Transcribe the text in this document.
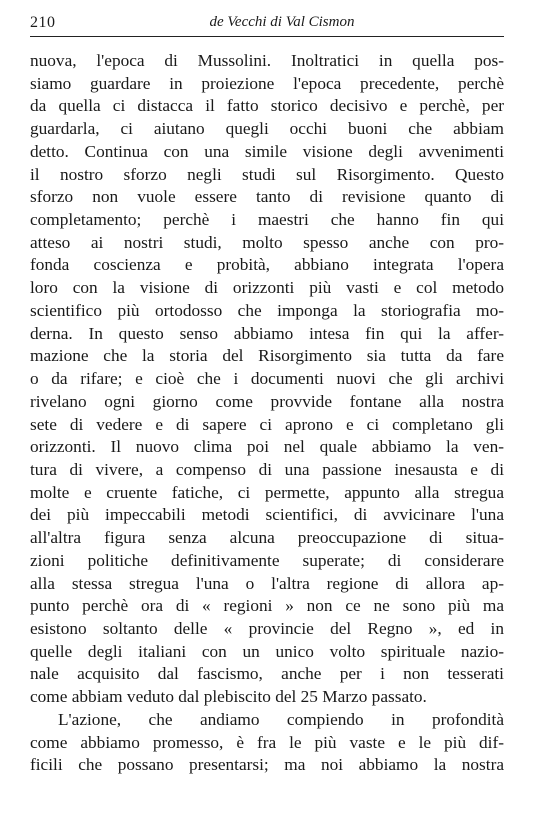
210	de Vecchi di Val Cismon
nuova, l'epoca di Mussolini. Inoltratici in quella pos-
siamo guardare in proiezione l'epoca precedente, perchè
da quella ci distacca il fatto storico decisivo e perchè, per
guardarla, ci aiutano quegli occhi buoni che abbiam
detto. Continua con una simile visione degli avvenimenti
il nostro sforzo negli studi sul Risorgimento. Questo
sforzo non vuole essere tanto di revisione quanto di
completamento; perchè i maestri che hanno fin qui
atteso ai nostri studi, molto spesso anche con pro-
fonda coscienza e probità, abbiano integrata l'opera
loro con la visione di orizzonti più vasti e col metodo
scientifico più ortodosso che imponga la storiografia mo-
derna. In questo senso abbiamo intesa fin qui la affer-
mazione che la storia del Risorgimento sia tutta da fare
o da rifare; e cioè che i documenti nuovi che gli archivi
rivelano ogni giorno come provvide fontane alla nostra
sete di vedere e di sapere ci aprono e ci completano gli
orizzonti. Il nuovo clima poi nel quale abbiamo la ven-
tura di vivere, a compenso di una passione inesausta e di
molte e cruente fatiche, ci permette, appunto alla stregua
dei più impeccabili metodi scientifici, di avvicinare l'una
all'altra figura senza alcuna preoccupazione di situa-
zioni politiche definitivamente superate; di considerare
alla stessa stregua l'una o l'altra regione di allora ap-
punto perchè ora di « regioni » non ce ne sono più ma
esistono soltanto delle « provincie del Regno », ed in
quelle degli italiani con un unico volto spirituale nazio-
nale acquisito dal fascismo, anche per i non tesserati
come abbiam veduto dal plebiscito del 25 Marzo passato.
L'azione, che andiamo compiendo in profondità
come abbiamo promesso, è fra le più vaste e le più dif-
ficili che possano presentarsi; ma noi abbiamo la nostra
